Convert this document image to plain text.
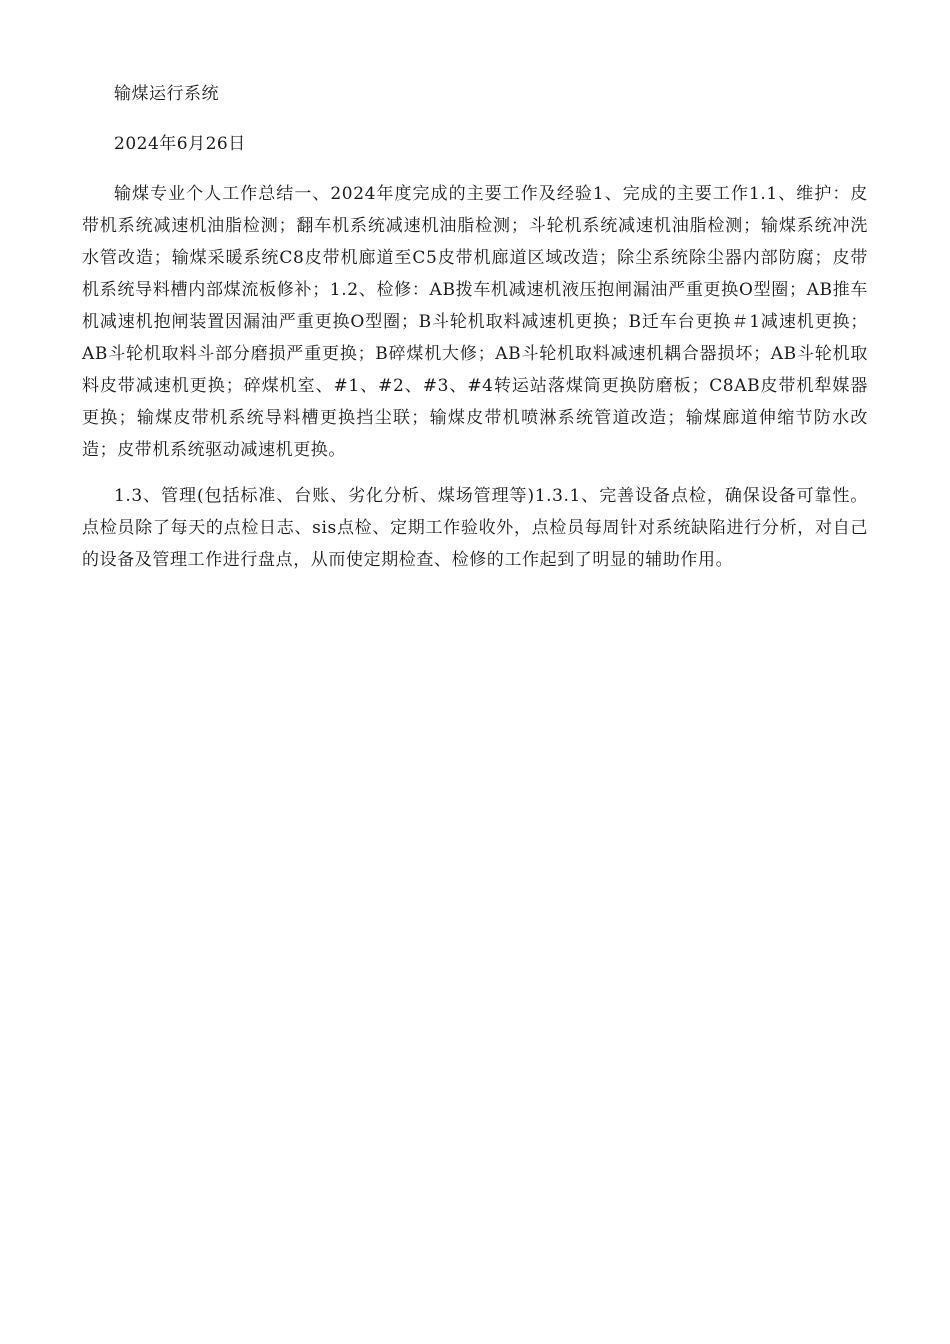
输煤运行系统

2024年6月26日

输煤专业个人工作总结一、2024年度完成的主要工作及经验1、完成的主要工作1.1、维护：皮带机系统减速机油脂检测；翻车机系统减速机油脂检测；斗轮机系统减速机油脂检测；输煤系统冲洗水管改造；输煤采暖系统C8皮带机廊道至C5皮带机廊道区域改造；除尘系统除尘器内部防腐；皮带机系统导料槽内部煤流板修补；1.2、检修：AB拨车机减速机液压抱闸漏油严重更换O型圈；AB推车机减速机抱闸装置因漏油严重更换O型圈；B斗轮机取料减速机更换；B迁车台更换＃1减速机更换；AB斗轮机取料斗部分磨损严重更换；B碎煤机大修；AB斗轮机取料减速机耦合器损坏；AB斗轮机取料皮带减速机更换；碎煤机室、#1、#2、#3、#4转运站落煤筒更换防磨板；C8AB皮带机犁媒器更换；输煤皮带机系统导料槽更换挡尘联；输煤皮带机喷淋系统管道改造；输煤廊道伸缩节防水改造；皮带机系统驱动减速机更换。

1.3、管理(包括标准、台账、劣化分析、煤场管理等)1.3.1、完善设备点检，确保设备可靠性。点检员除了每天的点检日志、sis点检、定期工作验收外，点检员每周针对系统缺陷进行分析，对自己的设备及管理工作进行盘点，从而使定期检查、检修的工作起到了明显的辅助作用。
